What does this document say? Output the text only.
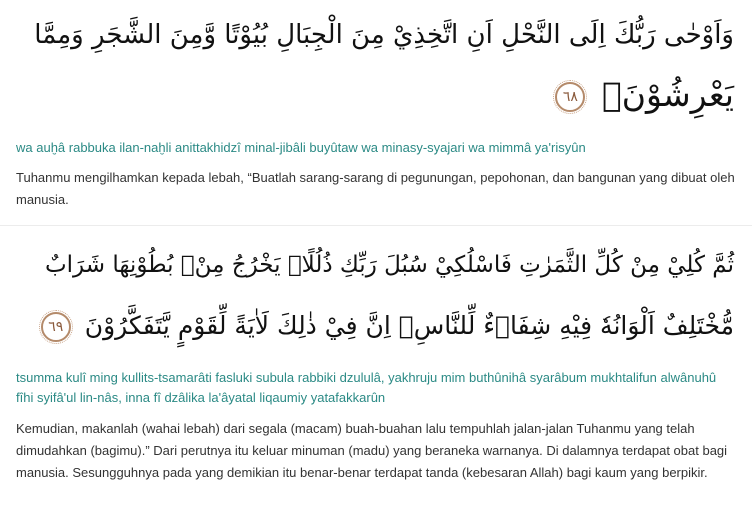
وَاَوْحٰى رَبُّكَ اِلَى النَّحْلِ اَنِ اتَّخِذِيْ مِنَ الْجِبَالِ بُيُوْتًا وَّمِنَ الشَّجَرِ وَمِمَّا
يَعْرِشُوْنَۙ ٦٨
wa auḫâ rabbuka ilan-naḫli anittakhidzî minal-jibâli buyûtaw wa minasy-syajari wa mimmâ ya'risyûn
Tuhanmu mengilhamkan kepada lebah, “Buatlah sarang-sarang di pegunungan, pepohonan, dan bangunan yang dibuat oleh manusia.
ثُمَّ كُلِيْ مِنْ كُلِّ الثَّمَرٰتِ فَاسْلُكِيْ سُبُلَ رَبِّكِ ذُلُلًاۗ يَخْرُجُ مِنْۢ بُطُوْنِهَا شَرَابٌ
مُّخْتَلِفٌ اَلْوَانُهٗ فِيْهِ شِفَاۤءٌ لِّلنَّاسِۗ اِنَّ فِيْ ذٰلِكَ لَاٰيَةً لِّقَوْمٍ يَّتَفَكَّرُوْنَ ٦٩
tsumma kulî ming kullits-tsamarâti fasluki subula rabbiki dzululâ, yakhruju mim buthûnihâ syarâbum mukhtalifun alwânuhû fîhi syifâ'ul lin-nâs, inna fî dzâlika la'âyatal liqaumiy yatafakkarûn
Kemudian, makanlah (wahai lebah) dari segala (macam) buah-buahan lalu tempuhlah jalan-jalan Tuhanmu yang telah dimudahkan (bagimu).” Dari perutnya itu keluar minuman (madu) yang beraneka warnanya. Di dalamnya terdapat obat bagi manusia. Sesungguhnya pada yang demikian itu benar-benar terdapat tanda (kebesaran Allah) bagi kaum yang berpikir.
